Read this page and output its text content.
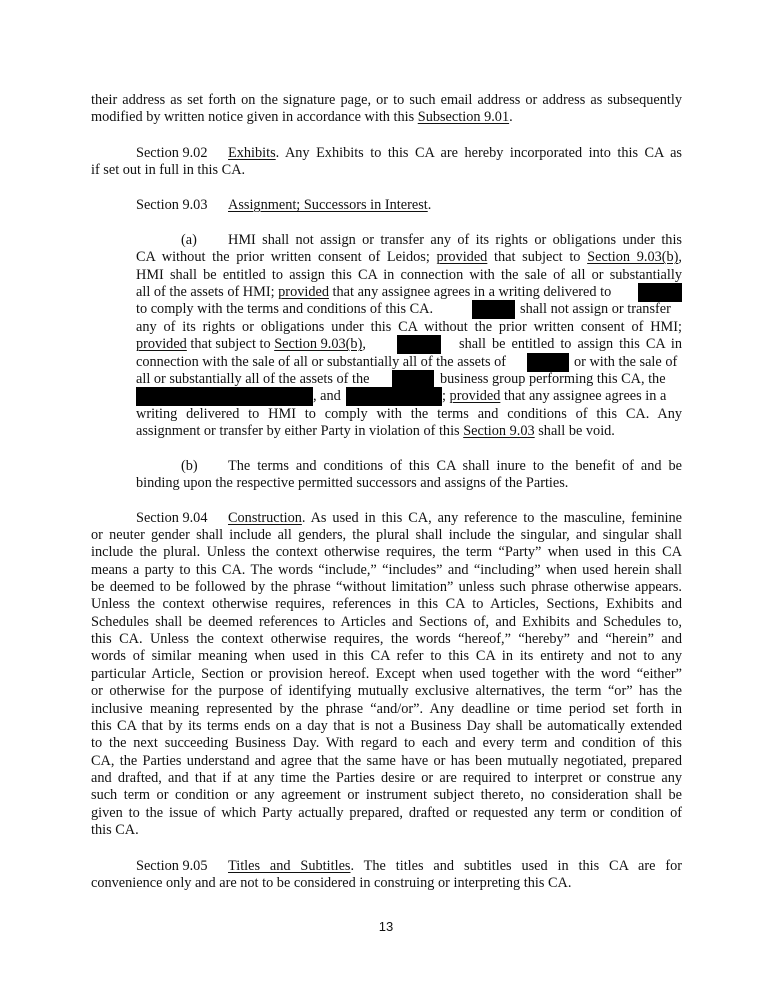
their address as set forth on the signature page, or to such email address or address as subsequently
modified by written notice given in accordance with this Subsection 9.01.
Section 9.02 Exhibits. Any Exhibits to this CA are hereby incorporated into this CA as
if set out in full in this CA.
Section 9.03 Assignment; Successors in Interest.
(a) HMI shall not assign or transfer any of its rights or obligations under this
CA without the prior written consent of Leidos; provided that subject to Section 9.03(b),
HMI shall be entitled to assign this CA in connection with the sale of all or substantially
all of the assets of HMI; provided that any assignee agrees in a writing delivered to
to comply with the terms and conditions of this CA.	shall not assign or transfer
any of its rights or obligations under this CA without the prior written consent of HMI;
provided that subject to Section 9.03(b),	shall be entitled to assign this CA in
connection with the sale of all or substantially all of the assets of	or with the sale of
all or substantially all of the assets of the	business group performing this CA, the
, and	; provided that any assignee agrees in a
writing delivered to HMI to comply with the terms and conditions of this CA. Any
assignment or transfer by either Party in violation of this Section 9.03 shall be void.
(b) The terms and conditions of this CA shall inure to the benefit of and be
binding upon the respective permitted successors and assigns of the Parties.
Section 9.04 Construction. As used in this CA, any reference to the masculine, feminine
or neuter gender shall include all genders, the plural shall include the singular, and singular shall
include the plural. Unless the context otherwise requires, the term “Party” when used in this CA
means a party to this CA. The words “include,” “includes” and “including” when used herein shall
be deemed to be followed by the phrase “without limitation” unless such phrase otherwise appears.
Unless the context otherwise requires, references in this CA to Articles, Sections, Exhibits and
Schedules shall be deemed references to Articles and Sections of, and Exhibits and Schedules to,
this CA. Unless the context otherwise requires, the words “hereof,” “hereby” and “herein” and
words of similar meaning when used in this CA refer to this CA in its entirety and not to any
particular Article, Section or provision hereof. Except when used together with the word “either”
or otherwise for the purpose of identifying mutually exclusive alternatives, the term “or” has the
inclusive meaning represented by the phrase “and/or”. Any deadline or time period set forth in
this CA that by its terms ends on a day that is not a Business Day shall be automatically extended
to the next succeeding Business Day. With regard to each and every term and condition of this
CA, the Parties understand and agree that the same have or has been mutually negotiated, prepared
and drafted, and that if at any time the Parties desire or are required to interpret or construe any
such term or condition or any agreement or instrument subject thereto, no consideration shall be
given to the issue of which Party actually prepared, drafted or requested any term or condition of
this CA.
Section 9.05 Titles and Subtitles. The titles and subtitles used in this CA are for
convenience only and are not to be considered in construing or interpreting this CA.
13
